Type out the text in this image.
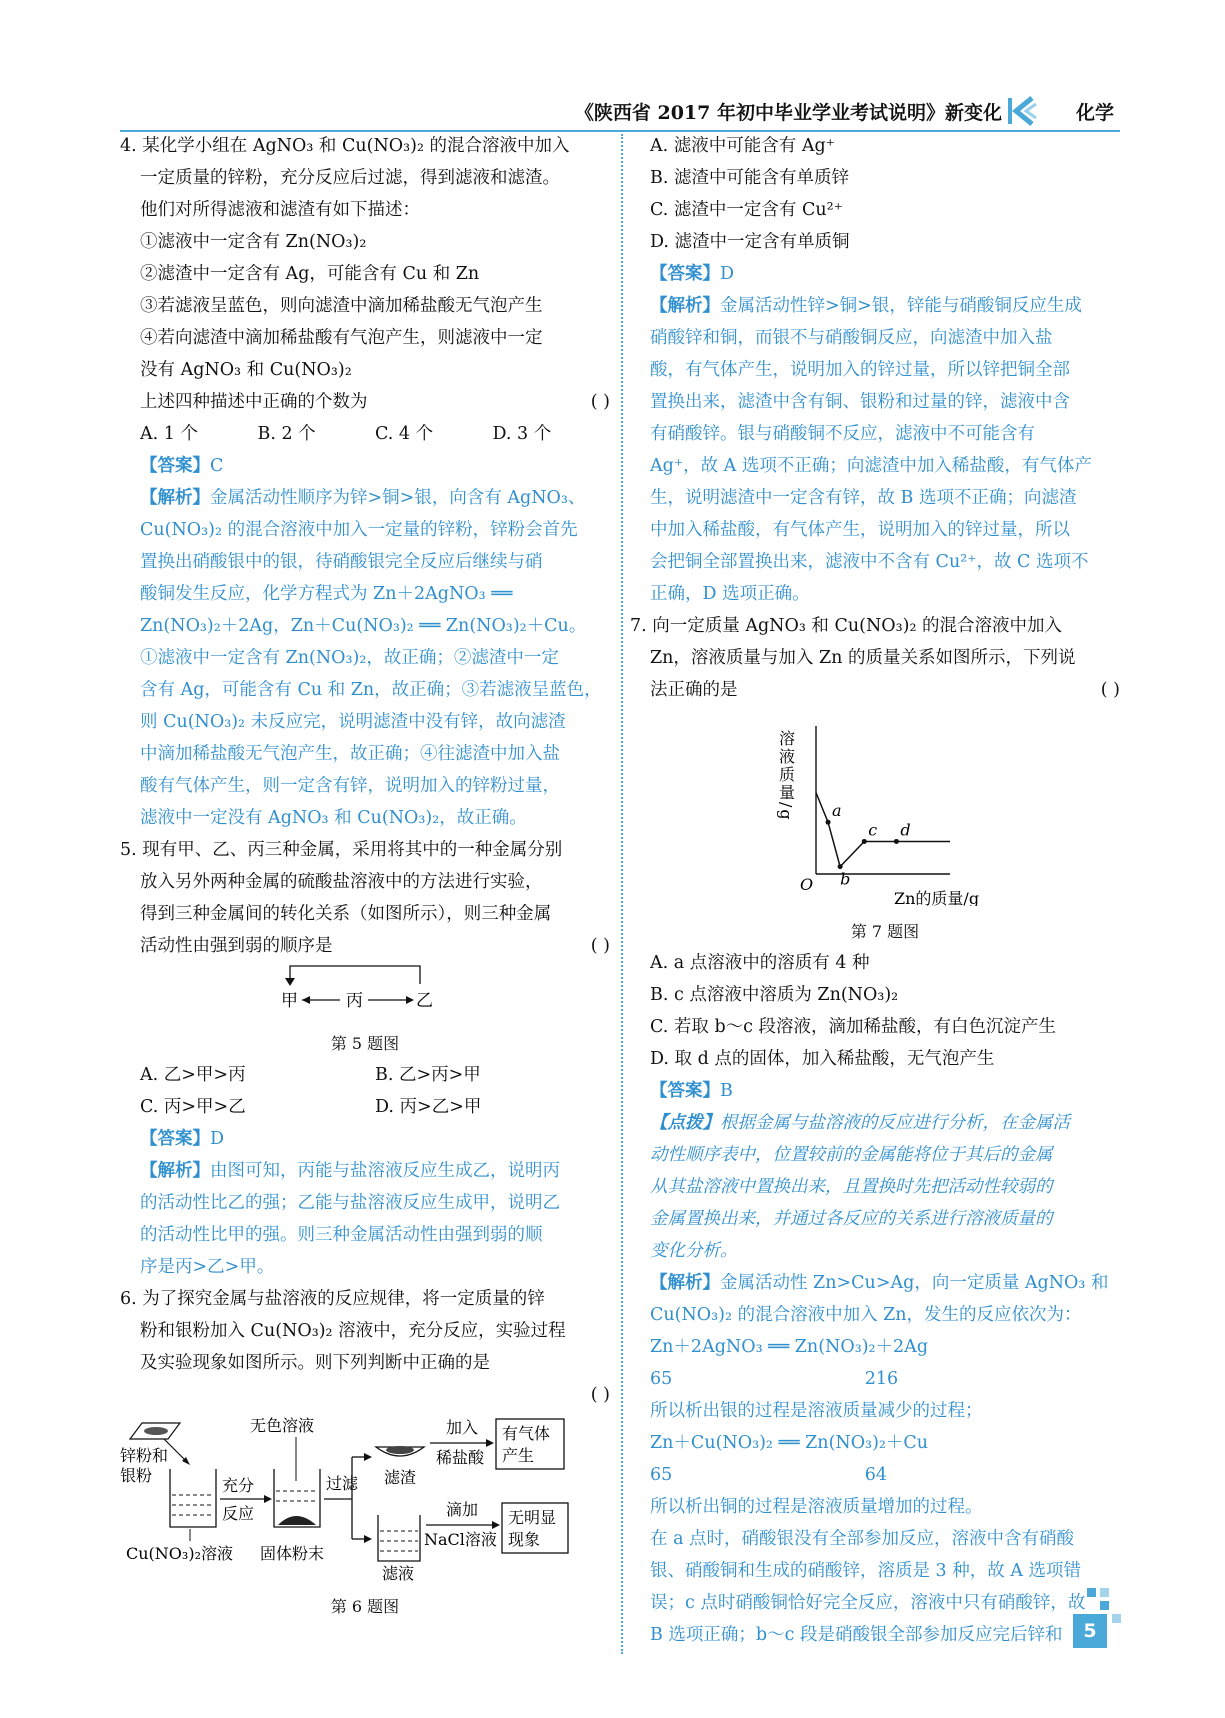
《陕西省 2017 年初中毕业学业考试说明》新变化	化学
4. 某化学小组在 AgNO₃ 和 Cu(NO₃)₂ 的混合溶液中加入
一定质量的锌粉，充分反应后过滤，得到滤液和滤渣。
他们对所得滤液和滤渣有如下描述：
①滤液中一定含有 Zn(NO₃)₂
②滤渣中一定含有 Ag，可能含有 Cu 和 Zn
③若滤液呈蓝色，则向滤渣中滴加稀盐酸无气泡产生
④若向滤渣中滴加稀盐酸有气泡产生，则滤液中一定
没有 AgNO₃ 和 Cu(NO₃)₂
上述四种描述中正确的个数为	( )
A. 1 个	B. 2 个	C. 4 个	D. 3 个
【答案】C
【解析】金属活动性顺序为锌>铜>银，向含有 AgNO₃、
Cu(NO₃)₂ 的混合溶液中加入一定量的锌粉，锌粉会首先
置换出硝酸银中的银，待硝酸银完全反应后继续与硝
酸铜发生反应，化学方程式为 Zn＋2AgNO₃ ══
Zn(NO₃)₂＋2Ag，Zn＋Cu(NO₃)₂ ══ Zn(NO₃)₂＋Cu。
①滤液中一定含有 Zn(NO₃)₂，故正确；②滤渣中一定
含有 Ag，可能含有 Cu 和 Zn，故正确；③若滤液呈蓝色，
则 Cu(NO₃)₂ 未反应完，说明滤渣中没有锌，故向滤渣
中滴加稀盐酸无气泡产生，故正确；④往滤渣中加入盐
酸有气体产生，则一定含有锌，说明加入的锌粉过量，
滤液中一定没有 AgNO₃ 和 Cu(NO₃)₂，故正确。
5. 现有甲、乙、丙三种金属，采用将其中的一种金属分别
放入另外两种金属的硫酸盐溶液中的方法进行实验，
得到三种金属间的转化关系（如图所示），则三种金属
活动性由强到弱的顺序是	( )
甲	丙	乙
第 5 题图
A. 乙>甲>丙	B. 乙>丙>甲
C. 丙>甲>乙	D. 丙>乙>甲
【答案】D
【解析】由图可知，丙能与盐溶液反应生成乙，说明丙
的活动性比乙的强；乙能与盐溶液反应生成甲，说明乙
的活动性比甲的强。则三种金属活动性由强到弱的顺
序是丙>乙>甲。
6. 为了探究金属与盐溶液的反应规律，将一定质量的锌
粉和银粉加入 Cu(NO₃)₂ 溶液中，充分反应，实验过程
及实验现象如图所示。则下列判断中正确的是
( )

锌粉和
银粉
Cu(NO₃)₂溶液
充分
反应
无色溶液
固体粉末
过滤 滤渣
滤液
加入
稀盐酸
有气体
产生
滴加
NaCl溶液
无明显
现象
第 6 题图
A. 滤液中可能含有 Ag⁺
B. 滤渣中可能含有单质锌
C. 滤渣中一定含有 Cu²⁺
D. 滤渣中一定含有单质铜
【答案】D
【解析】金属活动性锌>铜>银，锌能与硝酸铜反应生成
硝酸锌和铜，而银不与硝酸铜反应，向滤渣中加入盐
酸，有气体产生，说明加入的锌过量，所以锌把铜全部
置换出来，滤渣中含有铜、银粉和过量的锌，滤液中含
有硝酸锌。银与硝酸铜不反应，滤液中不可能含有
Ag⁺，故 A 选项不正确；向滤渣中加入稀盐酸，有气体产
生，说明滤渣中一定含有锌，故 B 选项不正确；向滤渣
中加入稀盐酸，有气体产生，说明加入的锌过量，所以
会把铜全部置换出来，滤液中不含有 Cu²⁺，故 C 选项不
正确，D 选项正确。
7. 向一定质量 AgNO₃ 和 Cu(NO₃)₂ 的混合溶液中加入
Zn，溶液质量与加入 Zn 的质量关系如图所示，下列说
法正确的是	( )
溶液质量/g
O
Zn的质量/g
a
b
c d
第 7 题图
A. a 点溶液中的溶质有 4 种
B. c 点溶液中溶质为 Zn(NO₃)₂
C. 若取 b～c 段溶液，滴加稀盐酸，有白色沉淀产生
D. 取 d 点的固体，加入稀盐酸，无气泡产生
【答案】B
【点拨】根据金属与盐溶液的反应进行分析，在金属活
动性顺序表中，位置较前的金属能将位于其后的金属
从其盐溶液中置换出来，且置换时先把活动性较弱的
金属置换出来，并通过各反应的关系进行溶液质量的
变化分析。
【解析】金属活动性 Zn>Cu>Ag，向一定质量 AgNO₃ 和
Cu(NO₃)₂ 的混合溶液中加入 Zn，发生的反应依次为：
Zn＋2AgNO₃ ══ Zn(NO₃)₂＋2Ag
65　　　　　　　　　　　216
所以析出银的过程是溶液质量减少的过程；
Zn＋Cu(NO₃)₂ ══ Zn(NO₃)₂＋Cu
65　　　　　　　　　　　64
所以析出铜的过程是溶液质量增加的过程。
在 a 点时，硝酸银没有全部参加反应，溶液中含有硝酸
银、硝酸铜和生成的硝酸锌，溶质是 3 种，故 A 选项错
误；c 点时硝酸铜恰好完全反应，溶液中只有硝酸锌，故
B 选项正确；b～c 段是硝酸银全部参加反应完后锌和	5
